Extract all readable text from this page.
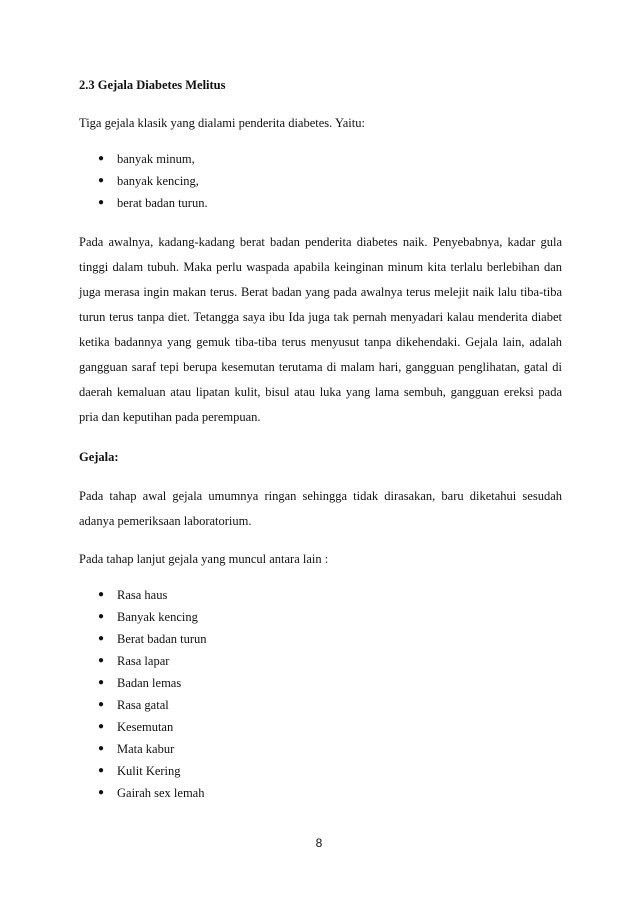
2.3 Gejala Diabetes Melitus

Tiga gejala klasik yang dialami penderita diabetes. Yaitu:

● banyak minum,
● banyak kencing,
● berat badan turun.

Pada awalnya, kadang-kadang berat badan penderita diabetes naik. Penyebabnya, kadar gula tinggi dalam tubuh. Maka perlu waspada apabila keinginan minum kita terlalu berlebihan dan juga merasa ingin makan terus. Berat badan yang pada awalnya terus melejit naik lalu tiba-tiba turun terus tanpa diet. Tetangga saya ibu Ida juga tak pernah menyadari kalau menderita diabet ketika badannya yang gemuk tiba-tiba terus menyusut tanpa dikehendaki. Gejala lain, adalah gangguan saraf tepi berupa kesemutan terutama di malam hari, gangguan penglihatan, gatal di daerah kemaluan atau lipatan kulit, bisul atau luka yang lama sembuh, gangguan ereksi pada pria dan keputihan pada perempuan.

Gejala:

Pada tahap awal gejala umumnya ringan sehingga tidak dirasakan, baru diketahui sesudah adanya pemeriksaan laboratorium.

Pada tahap lanjut gejala yang muncul antara lain :

● Rasa haus
● Banyak kencing
● Berat badan turun
● Rasa lapar
● Badan lemas
● Rasa gatal
● Kesemutan
● Mata kabur
● Kulit Kering
● Gairah sex lemah
8
